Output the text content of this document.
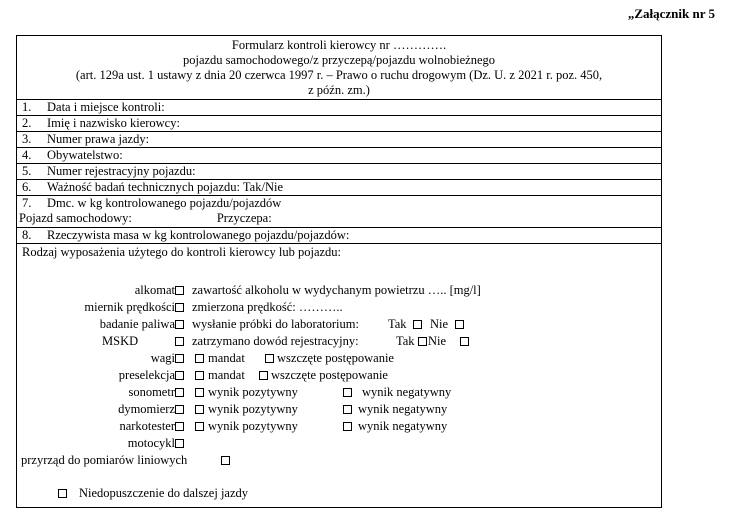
„Załącznik nr 5
Formularz kontroli kierowcy nr ………….
pojazdu samochodowego/z przyczepą/pojazdu wolnobieżnego
(art. 129a ust. 1 ustawy z dnia 20 czerwca 1997 r. – Prawo o ruchu drogowym (Dz. U. z 2021 r. poz. 450,
z późn. zm.)
1. Data i miejsce kontroli:
2. Imię i nazwisko kierowcy:
3. Numer prawa jazdy:
4. Obywatelstwo:
5. Numer rejestracyjny pojazdu:
6. Ważność badań technicznych pojazdu: Tak/Nie
7. Dmc. w kg kontrolowanego pojazdu/pojazdów
Pojazd samochodowy:	Przyczepa:
8. Rzeczywista masa w kg kontrolowanego pojazdu/pojazdów:
Rodzaj wyposażenia użytego do kontroli kierowcy lub pojazdu:
alkomat zawartość alkoholu w wydychanym powietrzu ….. [mg/l]
miernik prędkości zmierzona prędkość: ………..
badanie paliwa wysłanie próbki do laboratorium: Tak Nie
MSKD	zatrzymano dowód rejestracyjny:	Tak Nie
wagi	mandat	wszczęte postępowanie
preselekcja	mandat wszczęte postępowanie
sonometr	wynik pozytywny	wynik negatywny
dymomierz	wynik pozytywny	wynik negatywny
narkotester	wynik pozytywny	wynik negatywny
motocykl
przyrząd do pomiarów liniowych
Niedopuszczenie do dalszej jazdy
